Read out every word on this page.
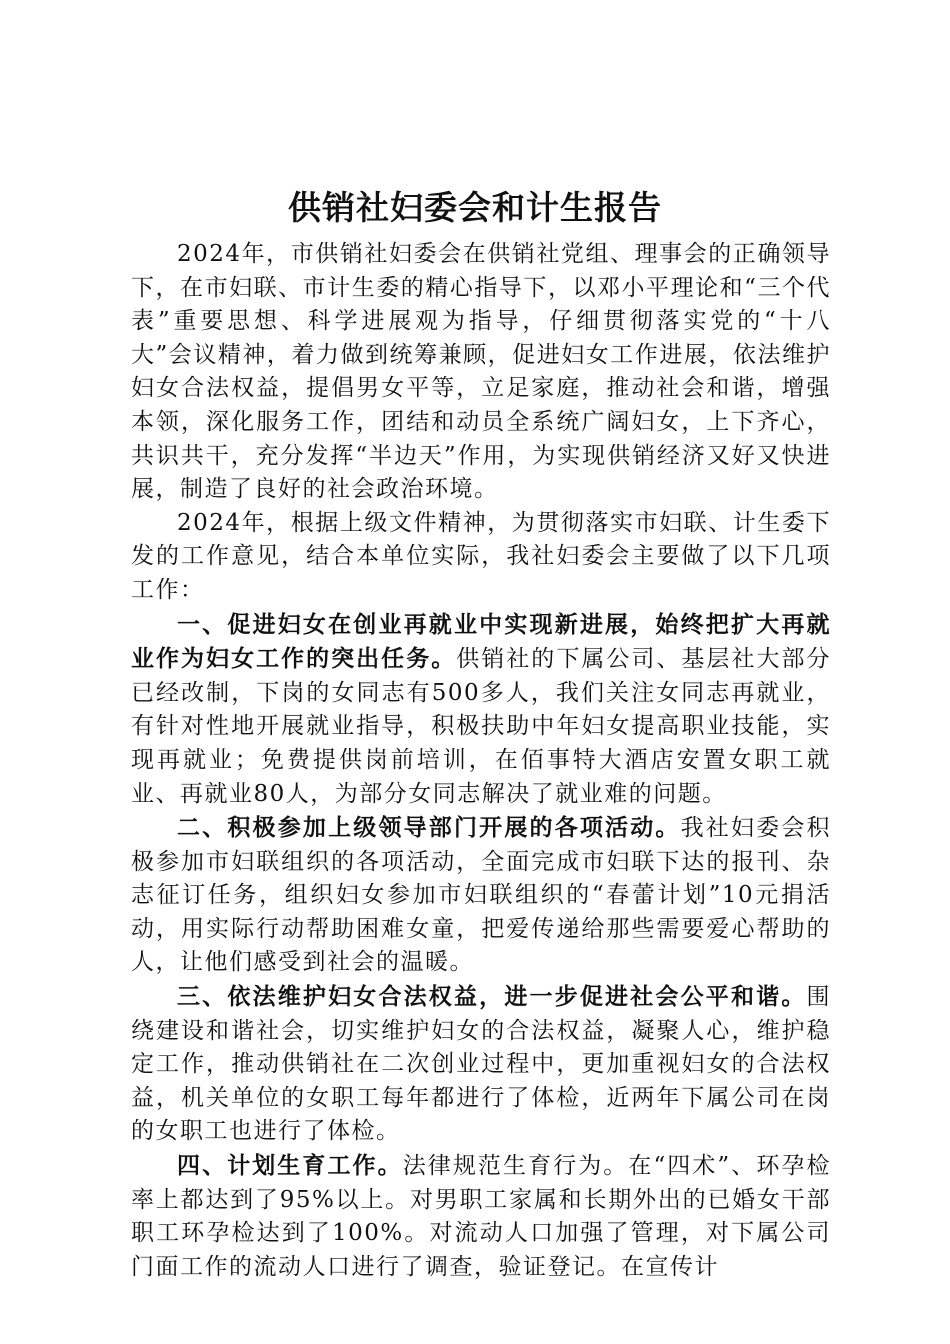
供销社妇委会和计生报告

2024年，市供销社妇委会在供销社党组、理事会的正确领导下，在市妇联、市计生委的精心指导下，以邓小平理论和“三个代表”重要思想、科学进展观为指导，仔细贯彻落实党的“十八大”会议精神，着力做到统筹兼顾，促进妇女工作进展，依法维护妇女合法权益，提倡男女平等，立足家庭，推动社会和谐，增强本领，深化服务工作，团结和动员全系统广阔妇女，上下齐心，共识共干，充分发挥“半边天”作用，为实现供销经济又好又快进展，制造了良好的社会政治环境。

2024年，根据上级文件精神，为贯彻落实市妇联、计生委下发的工作意见，结合本单位实际，我社妇委会主要做了以下几项工作：

一、促进妇女在创业再就业中实现新进展，始终把扩大再就业作为妇女工作的突出任务。供销社的下属公司、基层社大部分已经改制，下岗的女同志有500多人，我们关注女同志再就业，有针对性地开展就业指导，积极扶助中年妇女提高职业技能，实现再就业；免费提供岗前培训，在佰事特大酒店安置女职工就业、再就业80人，为部分女同志解决了就业难的问题。

二、积极参加上级领导部门开展的各项活动。我社妇委会积极参加市妇联组织的各项活动，全面完成市妇联下达的报刊、杂志征订任务，组织妇女参加市妇联组织的“春蕾计划”10元捐活动，用实际行动帮助困难女童，把爱传递给那些需要爱心帮助的人，让他们感受到社会的温暖。

三、依法维护妇女合法权益，进一步促进社会公平和谐。围绕建设和谐社会，切实维护妇女的合法权益，凝聚人心，维护稳定工作，推动供销社在二次创业过程中，更加重视妇女的合法权益，机关单位的女职工每年都进行了体检，近两年下属公司在岗的女职工也进行了体检。

四、计划生育工作。法律规范生育行为。在“四术”、环孕检率上都达到了95%以上。对男职工家属和长期外出的已婚女干部职工环孕检达到了100%。对流动人口加强了管理，对下属公司门面工作的流动人口进行了调查，验证登记。在宣传计
